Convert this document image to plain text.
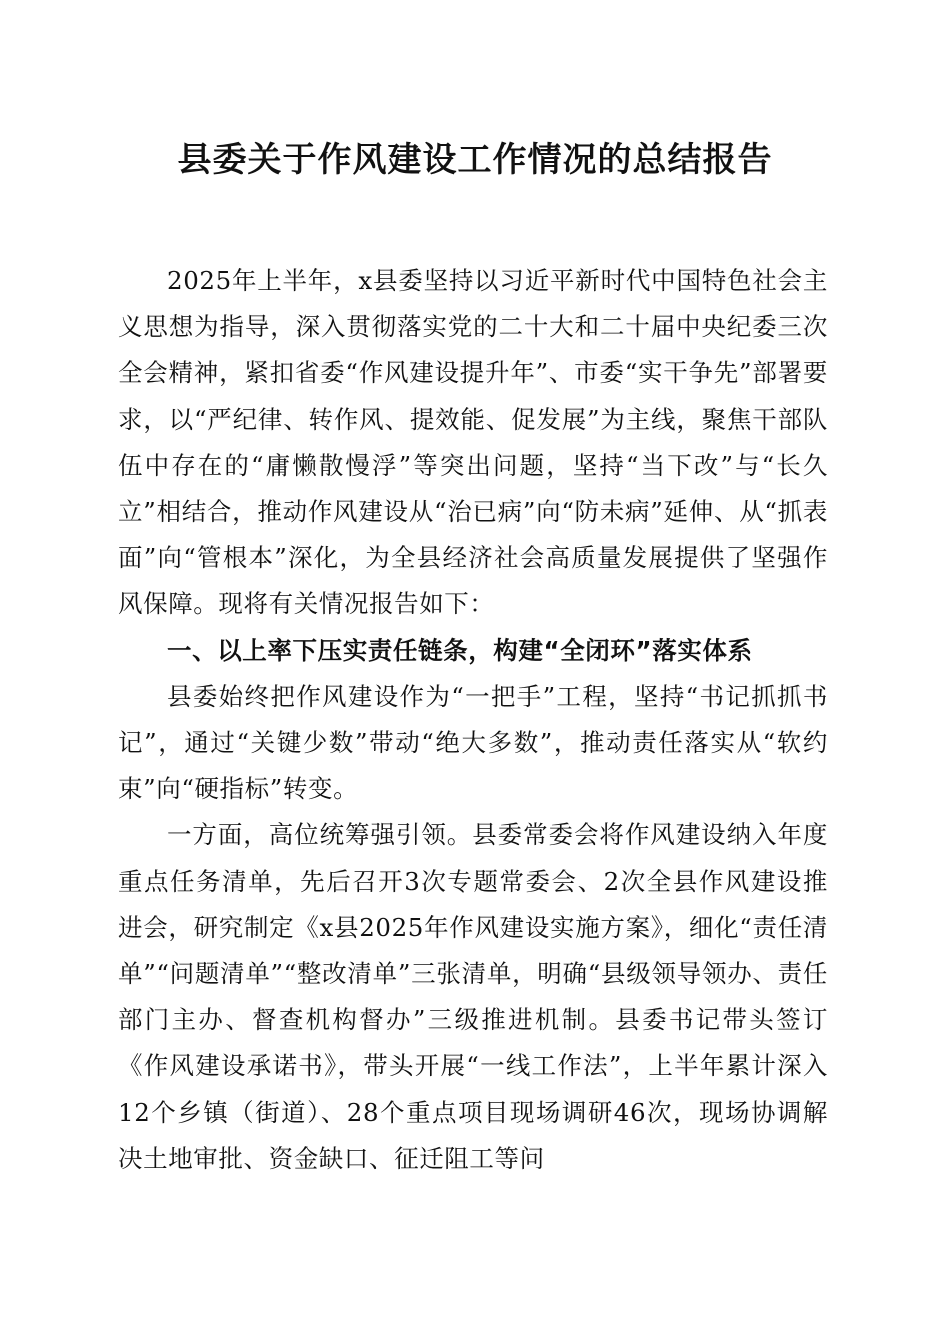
县委关于作风建设工作情况的总结报告

2025年上半年，x县委坚持以习近平新时代中国特色社会主义思想为指导，深入贯彻落实党的二十大和二十届中央纪委三次全会精神，紧扣省委“作风建设提升年”、市委“实干争先”部署要求，以“严纪律、转作风、提效能、促发展”为主线，聚焦干部队伍中存在的“庸懒散慢浮”等突出问题，坚持“当下改”与“长久立”相结合，推动作风建设从“治已病”向“防未病”延伸、从“抓表面”向“管根本”深化，为全县经济社会高质量发展提供了坚强作风保障。现将有关情况报告如下：

一、以上率下压实责任链条，构建“全闭环”落实体系

县委始终把作风建设作为“一把手”工程，坚持“书记抓抓书记”，通过“关键少数”带动“绝大多数”，推动责任落实从“软约束”向“硬指标”转变。

一方面，高位统筹强引领。县委常委会将作风建设纳入年度重点任务清单，先后召开3次专题常委会、2次全县作风建设推进会，研究制定《x县2025年作风建设实施方案》，细化“责任清单”“问题清单”“整改清单”三张清单，明确“县级领导领办、责任部门主办、督查机构督办”三级推进机制。县委书记带头签订《作风建设承诺书》，带头开展“一线工作法”，上半年累计深入12个乡镇（街道）、28个重点项目现场调研46次，现场协调解决土地审批、资金缺口、征迁阻工等问
